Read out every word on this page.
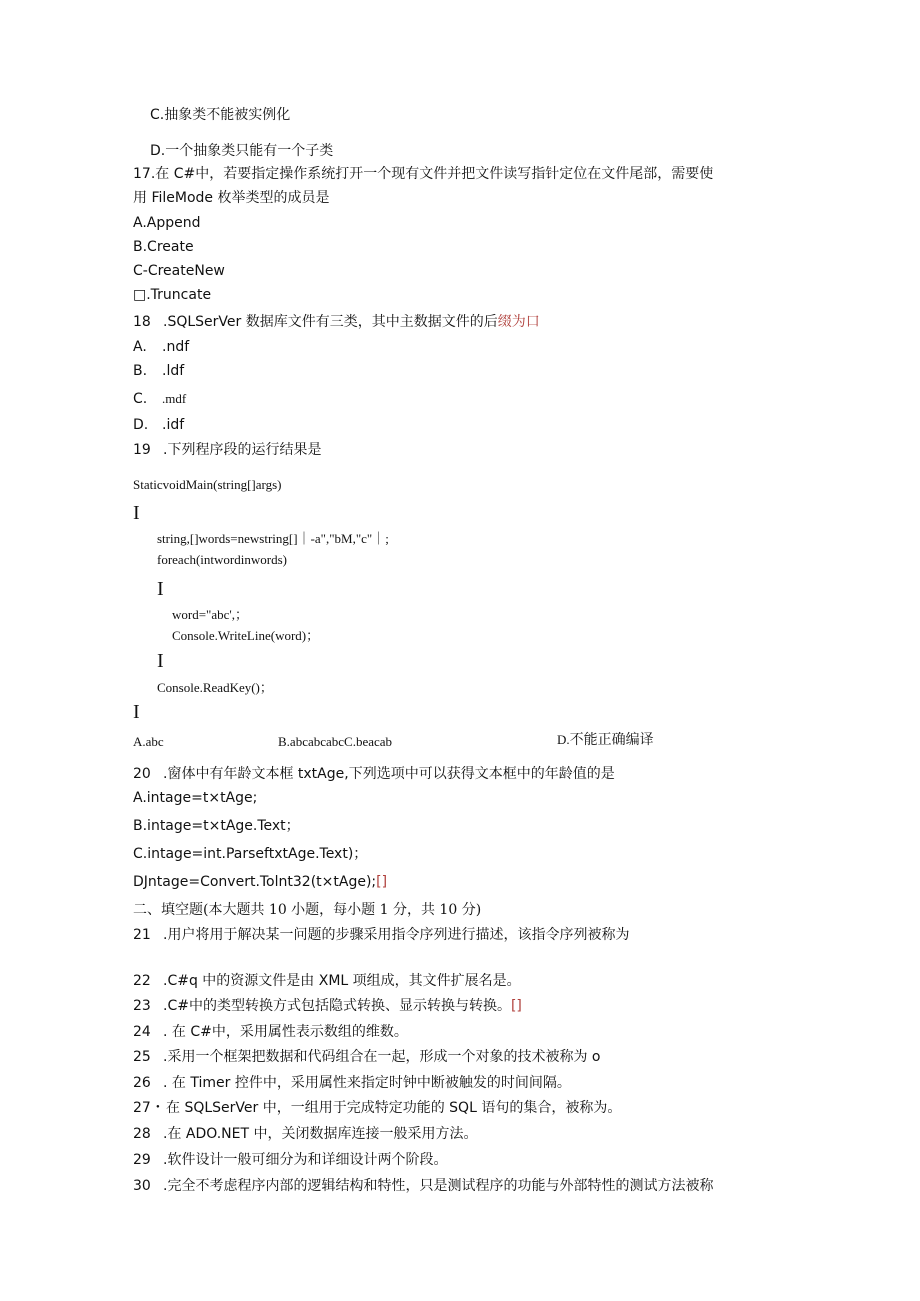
C.抽象类不能被实例化
D.一个抽象类只能有一个子类
17.在 C#中，若要指定操作系统打开一个现有文件并把文件读写指针定位在文件尾部，需要使
用 FileMode 枚举类型的成员是
A.Append
B.Create
C-CreateNew
□.Truncate
18 .SQLSerVer 数据库文件有三类，其中主数据文件的后缀为口
A. .ndf
B. .ldf
C. .mdf
D. .idf
19 .下列程序段的运行结果是
StaticvoidMain(string[]args)
I
string,[]words=newstring[]｜-a","bM,"c"｜;
foreach(intwordinwords)
I
word="abc',；
Console.WriteLine(word)；
I
Console.ReadKey()；
I
A.abc	B.abcabcabcC.beacab	D.不能正确编译
20 .窗体中有年龄文本框 txtAge,下列选项中可以获得文本框中的年龄值的是
A.intage=t×tAge;
B.intage=t×tAge.Text；
C.intage=int.ParseftxtAge.Text)；
DJntage=Convert.Tolnt32(t×tAge);[]
二、填空题(本大题共 10 小题，每小题 1 分，共 10 分)
21 .用户将用于解决某一问题的步骤采用指令序列进行描述，该指令序列被称为
22 .C#q 中的资源文件是由 XML 项组成，其文件扩展名是。
23 .C#中的类型转换方式包括隐式转换、显示转换与转换。[]
24 . 在 C#中，采用属性表示数组的维数。
25 .采用一个框架把数据和代码组合在一起，形成一个对象的技术被称为 o
26 . 在 Timer 控件中，采用属性来指定时钟中断被触发的时间间隔。
27・ 在 SQLSerVer 中，一组用于完成特定功能的 SQL 语句的集合，被称为。
28 .在 ADO.NET 中，关闭数据库连接一般采用方法。
29 .软件设计一般可细分为和详细设计两个阶段。
30 .完全不考虑程序内部的逻辑结构和特性，只是测试程序的功能与外部特性的测试方法被称
